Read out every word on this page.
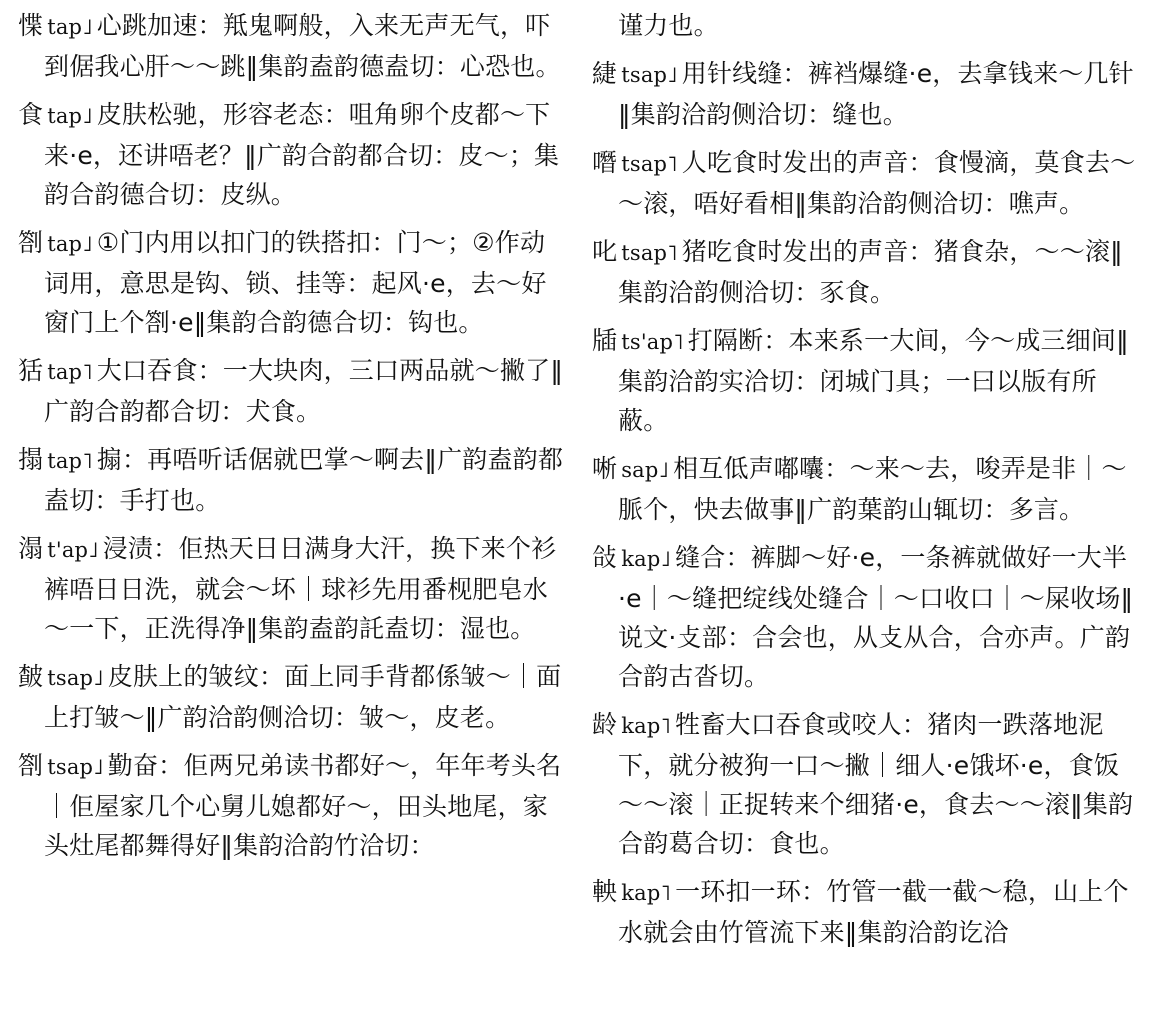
惵 tap˩ 心跳加速：羝鬼啊般，入来无声无气，吓到倨我心肝～～跳‖集韵盍韵德盍切：心恐也。

食 tap˩ 皮肤松驰，形容老态：咀角卵个皮都～下来·e，还讲唔老？‖广韵合韵都合切：皮～；集韵合韵德合切：皮纵。

劄 tap˩ ①门内用以扣门的铁搭扣：门～；②作动词用，意思是钩、锁、挂等：起风·e，去～好窗门上个劄·e‖集韵合韵德合切：钩也。

狧 tap˥ 大口吞食：一大块肉，三口两品就～撇了‖广韵合韵都合切：犬食。

搨 tap˥ 搧：再唔听话倨就巴掌～啊去‖广韵盍韵都盍切：手打也。

溻 t'ap˩ 浸渍：佢热天日日满身大汗，换下来个衫裤唔日日洗，就会～坏｜球衫先用番枧肥皂水～一下，正洗得净‖集韵盍韵託盍切：湿也。

皶 tsap˩ 皮肤上的皱纹：面上同手背都係皱～｜面上打皱～‖广韵洽韵侧洽切：皱～，皮老。

劄 tsap˩ 勤奋：佢两兄弟读书都好～，年年考头名｜佢屋家几个心舅儿媳都好～，田头地尾，家头灶尾都舞得好‖集韵洽韵竹洽切：

谨力也。

緁 tsap˩ 用针线缝：裤裆爆缝·e，去拿钱来～几针‖集韵洽韵侧洽切：缝也。

噆 tsap˥ 人吃食时发出的声音：食慢滴，莫食去～～滚，唔好看相‖集韵洽韵侧洽切：噍声。

叱 tsap˥ 猪吃食时发出的声音：猪食杂，～～滚‖集韵洽韵侧洽切：豕食。

牐 ts'ap˥ 打隔断：本来系一大间，今～成三细间‖集韵洽韵实洽切：闭城门具；一曰以版有所蔽。

唽 sap˩ 相互低声嘟囔：～来～去，唆弄是非｜～脈个，快去做事‖广韵葉韵山辄切：多言。

敆 kap˩ 缝合：裤脚～好·e，一条裤就做好一大半·e｜～缝把绽线处缝合｜～口收口｜～屎收场‖说文·攴部：合会也，从攴从合，合亦声。广韵合韵古沓切。

龄 kap˥ 牲畜大口吞食或咬人：猪肉一跌落地泥下，就分被狗一口～撇｜细人·e饿坏·e，食饭～～滚｜正捉转来个细猪·e，食去～～滚‖集韵合韵葛合切：食也。

軮 kap˥ 一环扣一环：竹管一截一截～稳，山上个水就会由竹管流下来‖集韵洽韵讫洽
